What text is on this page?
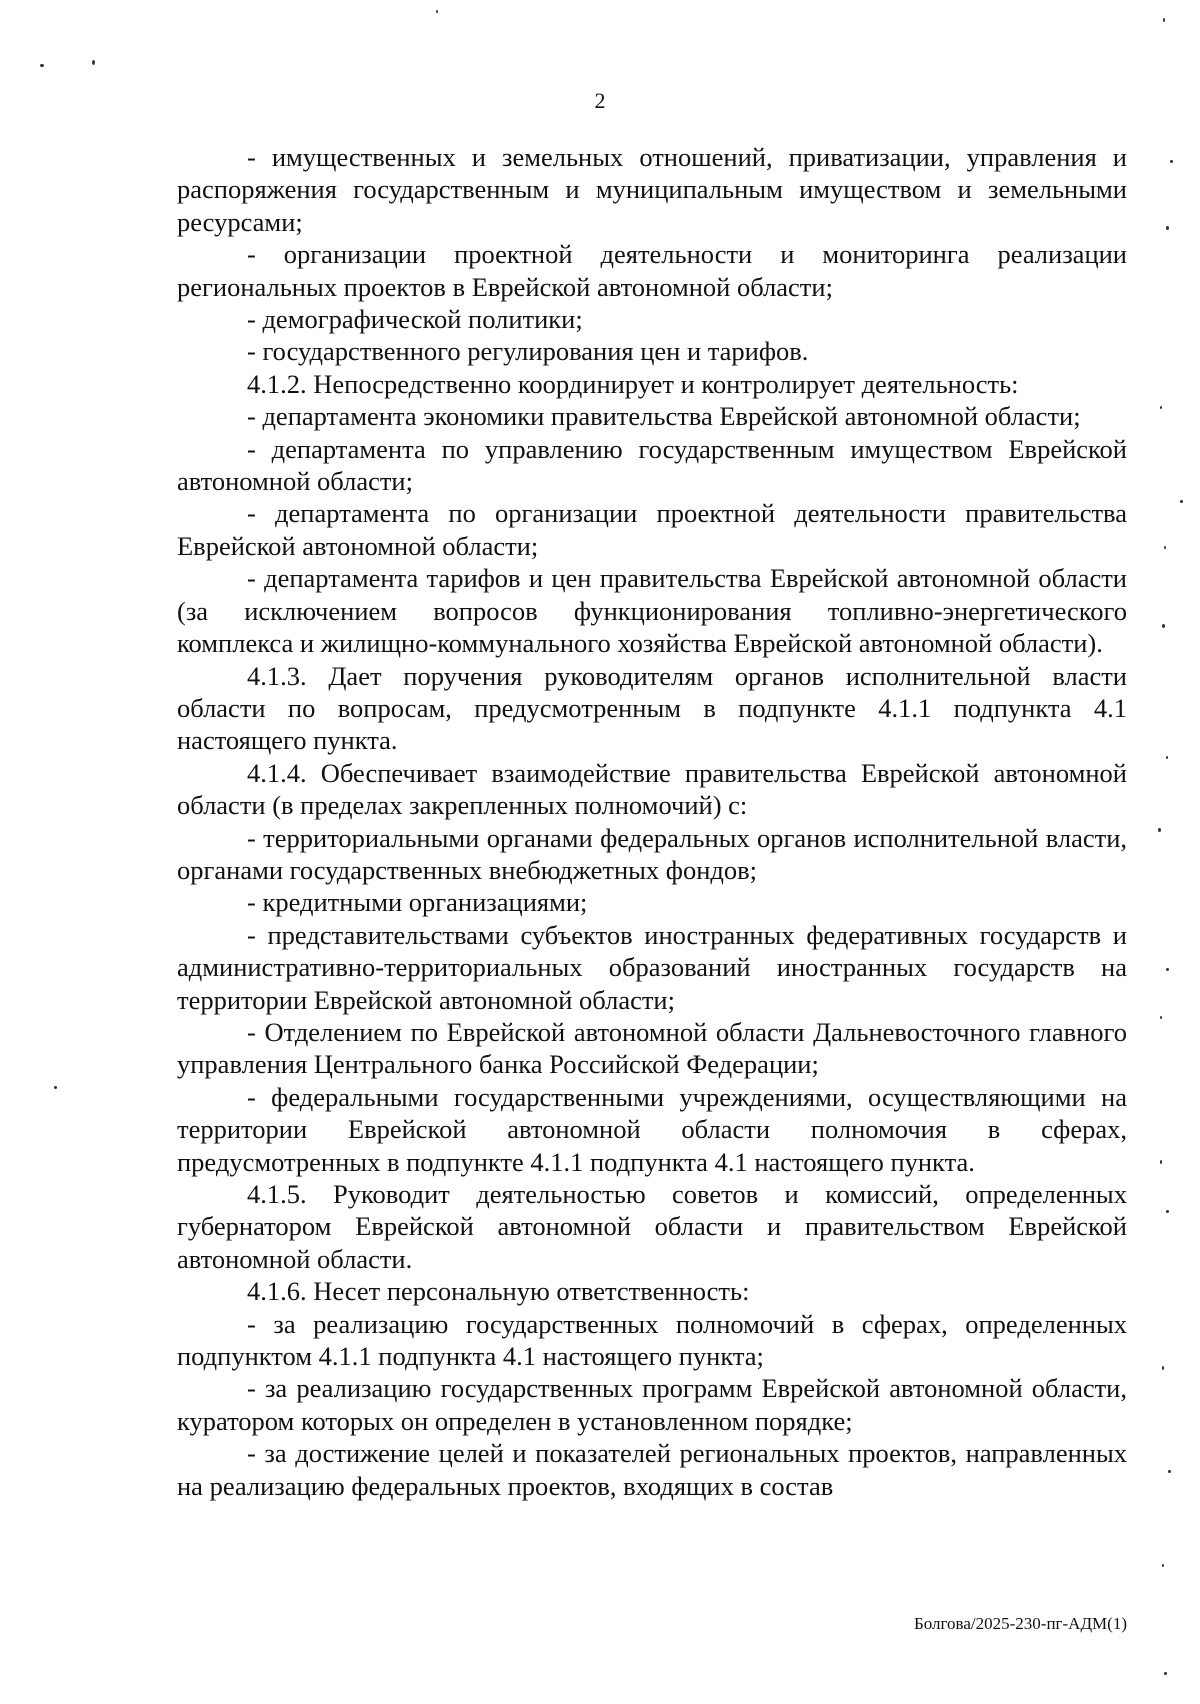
2

- имущественных и земельных отношений, приватизации, управления и распоряжения государственным и муниципальным имуществом и земельными ресурсами;

- организации проектной деятельности и мониторинга реализации региональных проектов в Еврейской автономной области;

- демографической политики;

- государственного регулирования цен и тарифов.

4.1.2. Непосредственно координирует и контролирует деятельность:

- департамента экономики правительства Еврейской автономной области;

- департамента по управлению государственным имуществом Еврейской автономной области;

- департамента по организации проектной деятельности правительства Еврейской автономной области;

- департамента тарифов и цен правительства Еврейской автономной области (за исключением вопросов функционирования топливно-энергетического комплекса и жилищно-коммунального хозяйства Еврейской автономной области).

4.1.3. Дает поручения руководителям органов исполнительной власти области по вопросам, предусмотренным в подпункте 4.1.1 подпункта 4.1 настоящего пункта.

4.1.4. Обеспечивает взаимодействие правительства Еврейской автономной области (в пределах закрепленных полномочий) с:

- территориальными органами федеральных органов исполнительной власти, органами государственных внебюджетных фондов;

- кредитными организациями;

- представительствами субъектов иностранных федеративных государств и административно-территориальных образований иностранных государств на территории Еврейской автономной области;

- Отделением по Еврейской автономной области Дальневосточного главного управления Центрального банка Российской Федерации;

- федеральными государственными учреждениями, осуществляющими на территории Еврейской автономной области полномочия в сферах, предусмотренных в подпункте 4.1.1 подпункта 4.1 настоящего пункта.

4.1.5. Руководит деятельностью советов и комиссий, определенных губернатором Еврейской автономной области и правительством Еврейской автономной области.

4.1.6. Несет персональную ответственность:

- за реализацию государственных полномочий в сферах, определенных подпунктом 4.1.1 подпункта 4.1 настоящего пункта;

- за реализацию государственных программ Еврейской автономной области, куратором которых он определен в установленном порядке;

- за достижение целей и показателей региональных проектов, направленных на реализацию федеральных проектов, входящих в состав

Болгова/2025-230-пг-АДМ(1)
